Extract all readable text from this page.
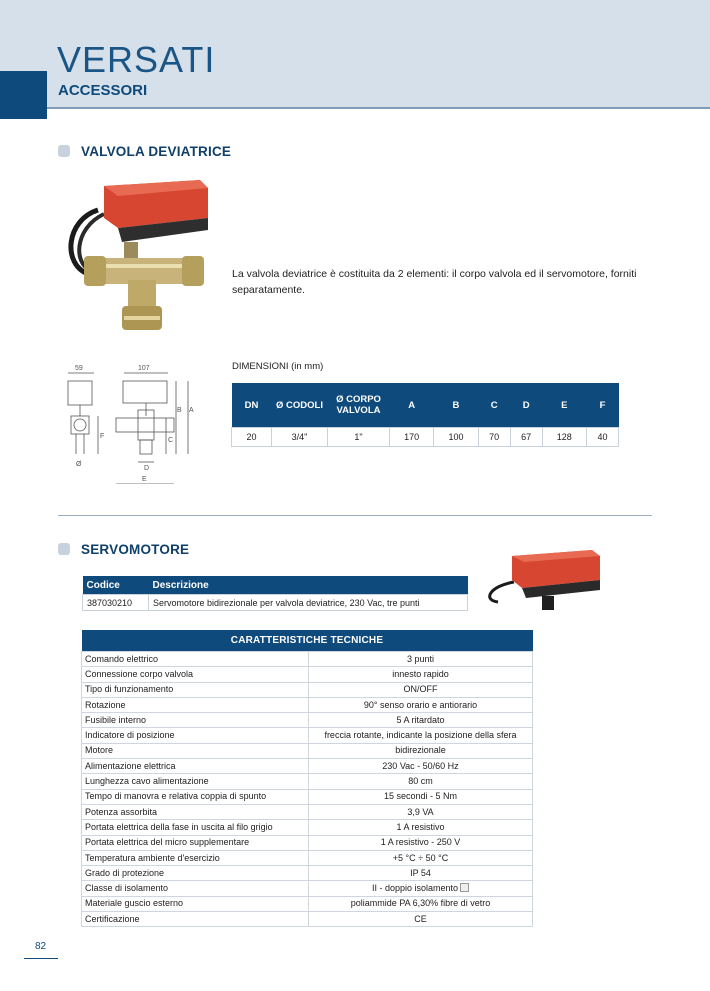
VERSATI
ACCESSORI
VALVOLA DEVIATRICE
La valvola deviatrice è costituita da 2 elementi: il corpo valvola ed il servomotore, forniti separatamente.
59	107
B A
C
D
E
F
Ø
DIMENSIONI (in mm)
DN	Ø CODOLI	Ø CORPO VALVOLA	A	B	C	D	E	F
20	3/4"	1"	170	100	70	67	128	40
SERVOMOTORE
Codice	Descrizione
387030210	Servomotore bidirezionale per valvola deviatrice, 230 Vac, tre punti
CARATTERISTICHE TECNICHE	
Comando elettrico	3 punti
Connessione corpo valvola	innesto rapido
Tipo di funzionamento	ON/OFF
Rotazione	90° senso orario e antiorario
Fusibile interno	5 A ritardato
Indicatore di posizione	freccia rotante, indicante la posizione della sfera
Motore	bidirezionale
Alimentazione elettrica	230 Vac - 50/60 Hz
Lunghezza cavo alimentazione	80 cm
Tempo di manovra e relativa coppia di spunto	15 secondi - 5 Nm
Potenza assorbita	3,9 VA
Portata elettrica della fase in uscita al filo grigio	1 A resistivo
Portata elettrica del micro supplementare	1 A resistivo - 250 V
Temperatura ambiente d'esercizio	+5 °C ÷ 50 °C
Grado di protezione	IP 54
Classe di isolamento	II - doppio isolamento
Materiale guscio esterno	poliammide PA 6,30% fibre di vetro
Certificazione	CE
82
